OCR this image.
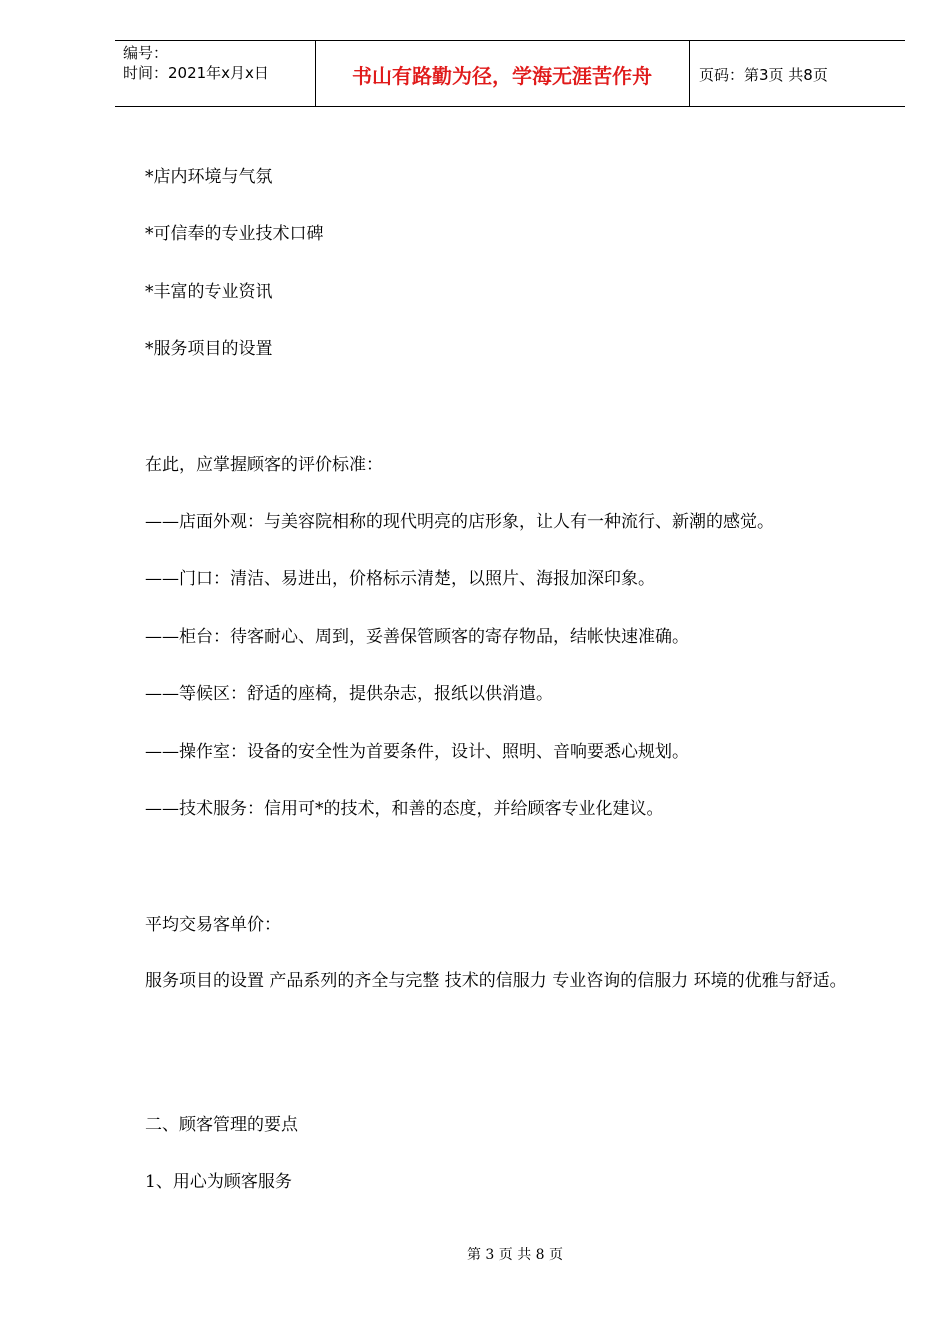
编号：
时间：2021年x月x日	书山有路勤为径，学海无涯苦作舟	页码：第3页 共8页

*店内环境与气氛

*可信奉的专业技术口碑

*丰富的专业资讯

*服务项目的设置

在此，应掌握顾客的评价标准：

——店面外观：与美容院相称的现代明亮的店形象，让人有一种流行、新潮的感觉。

——门口：清洁、易进出，价格标示清楚，以照片、海报加深印象。

——柜台：待客耐心、周到，妥善保管顾客的寄存物品，结帐快速准确。

——等候区：舒适的座椅，提供杂志，报纸以供消遣。

——操作室：设备的安全性为首要条件，设计、照明、音响要悉心规划。

——技术服务：信用可*的技术，和善的态度，并给顾客专业化建议。

平均交易客单价：

服务项目的设置 产品系列的齐全与完整 技术的信服力 专业咨询的信服力 环境的优雅与舒适。

二、顾客管理的要点

1、用心为顾客服务

第 3 页 共 8 页
